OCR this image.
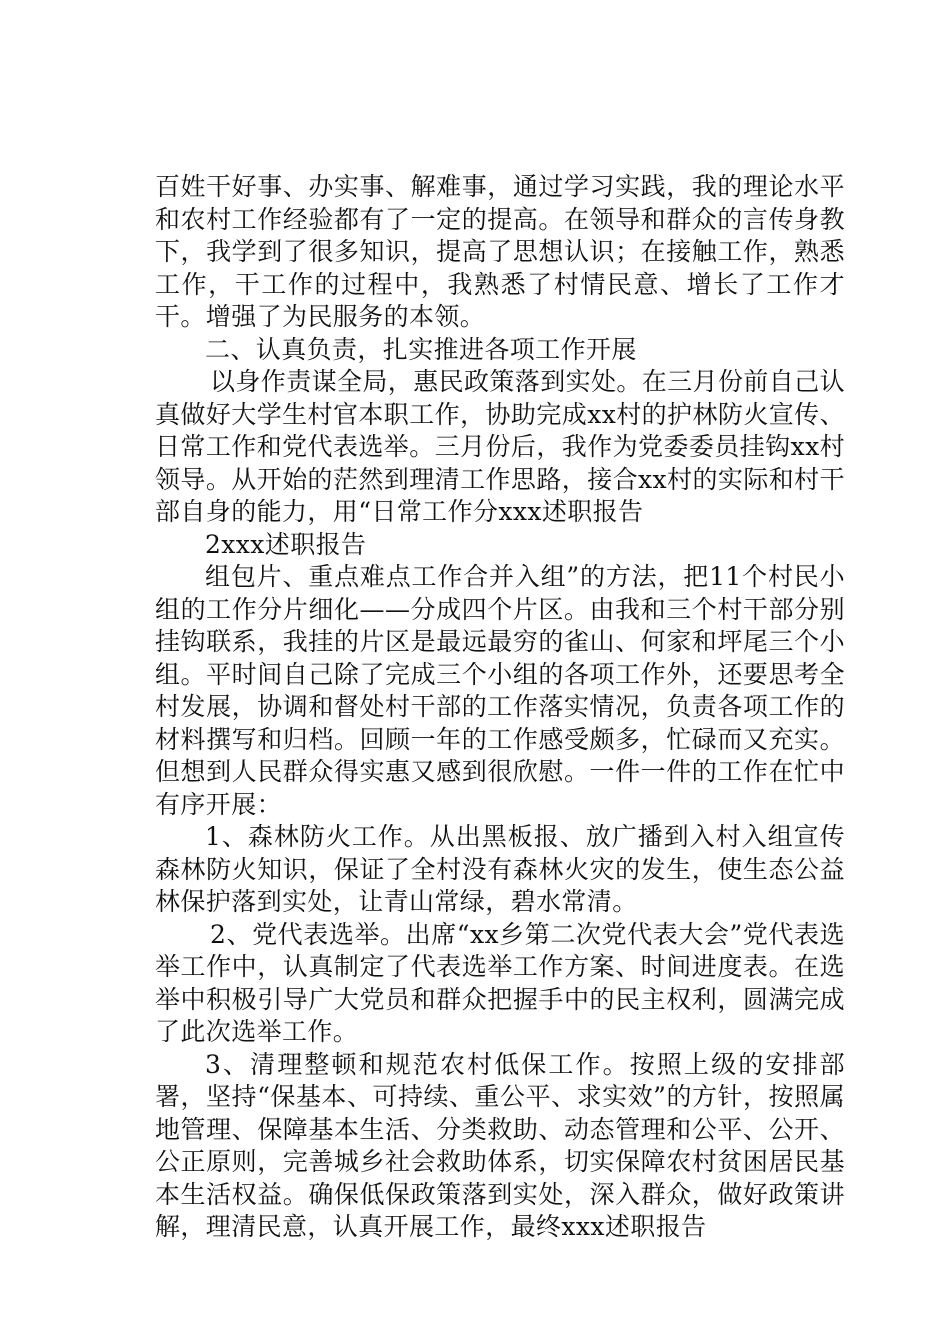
百姓干好事、办实事、解难事，通过学习实践，我的理论水平和农村工作经验都有了一定的提高。在领导和群众的言传身教下，我学到了很多知识，提高了思想认识；在接触工作，熟悉工作，干工作的过程中，我熟悉了村情民意、增长了工作才干。增强了为民服务的本领。

二、认真负责，扎实推进各项工作开展

以身作责谋全局，惠民政策落到实处。在三月份前自己认真做好大学生村官本职工作，协助完成xx村的护林防火宣传、日常工作和党代表选举。三月份后，我作为党委委员挂钩xx村领导。从开始的茫然到理清工作思路，接合xx村的实际和村干部自身的能力，用“日常工作分xxx述职报告

2xxx述职报告

组包片、重点难点工作合并入组”的方法，把11个村民小组的工作分片细化——分成四个片区。由我和三个村干部分别挂钩联系，我挂的片区是最远最穷的雀山、何家和坪尾三个小组。平时间自己除了完成三个小组的各项工作外，还要思考全村发展，协调和督处村干部的工作落实情况，负责各项工作的材料撰写和归档。回顾一年的工作感受颇多，忙碌而又充实。但想到人民群众得实惠又感到很欣慰。一件一件的工作在忙中有序开展：

1、森林防火工作。从出黑板报、放广播到入村入组宣传森林防火知识，保证了全村没有森林火灾的发生，使生态公益林保护落到实处，让青山常绿，碧水常清。

2、党代表选举。出席“xx乡第二次党代表大会”党代表选举工作中，认真制定了代表选举工作方案、时间进度表。在选举中积极引导广大党员和群众把握手中的民主权利，圆满完成了此次选举工作。

3、清理整顿和规范农村低保工作。按照上级的安排部署，坚持“保基本、可持续、重公平、求实效”的方针，按照属地管理、保障基本生活、分类救助、动态管理和公平、公开、公正原则，完善城乡社会救助体系，切实保障农村贫困居民基本生活权益。确保低保政策落到实处，深入群众，做好政策讲解，理清民意，认真开展工作，最终xxx述职报告
